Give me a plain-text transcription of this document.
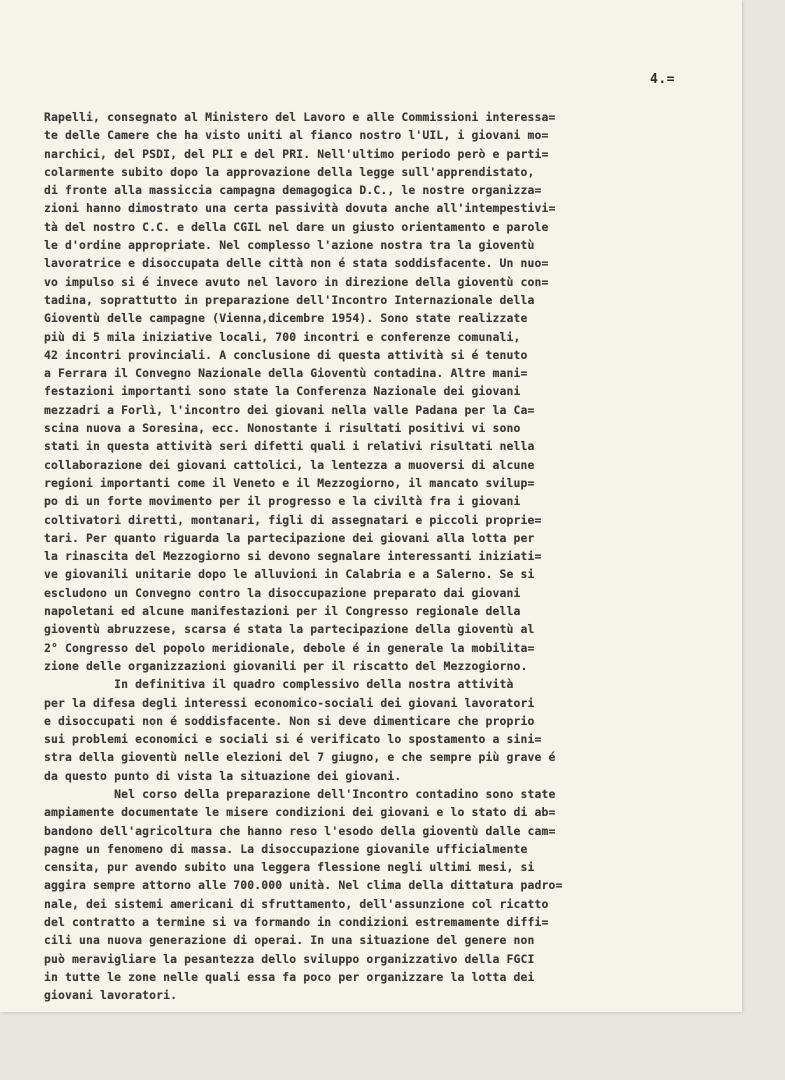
4.=
Rapelli, consegnato al Ministero del Lavoro e alle Commissioni interessa=
te delle Camere che ha visto uniti al fianco nostro l'UIL, i giovani mo=
narchici, del PSDI, del PLI e del PRI. Nell'ultimo periodo però e parti=
colarmente subito dopo la approvazione della legge sull'apprendistato,
di fronte alla massiccia campagna demagogica D.C., le nostre organizza=
zioni hanno dimostrato una certa passività dovuta anche all'intempestivi=
tà del nostro C.C. e della CGIL nel dare un giusto orientamento e parole
le d'ordine appropriate. Nel complesso l'azione nostra tra la gioventù
lavoratrice e disoccupata delle città non é stata soddisfacente. Un nuo=
vo impulso si é invece avuto nel lavoro in direzione della gioventù con=
tadina, soprattutto in preparazione dell'Incontro Internazionale della
Gioventù delle campagne (Vienna,dicembre 1954). Sono state realizzate
più di 5 mila iniziative locali, 700 incontri e conferenze comunali,
42 incontri provinciali. A conclusione di questa attività si é tenuto
a Ferrara il Convegno Nazionale della Gioventù contadina. Altre mani=
festazioni importanti sono state la Conferenza Nazionale dei giovani
mezzadri a Forlì, l'incontro dei giovani nella valle Padana per la Ca=
scina nuova a Soresina, ecc. Nonostante i risultati positivi vi sono
stati in questa attività seri difetti quali i relativi risultati nella
collaborazione dei giovani cattolici, la lentezza a muoversi di alcune
regioni importanti come il Veneto e il Mezzogiorno, il mancato svilup=
po di un forte movimento per il progresso e la civiltà fra i giovani
coltivatori diretti, montanari, figli di assegnatari e piccoli proprie=
tari. Per quanto riguarda la partecipazione dei giovani alla lotta per
la rinascita del Mezzogiorno si devono segnalare interessanti iniziati=
ve giovanili unitarie dopo le alluvioni in Calabria e a Salerno. Se si
escludono un Convegno contro la disoccupazione preparato dai giovani
napoletani ed alcune manifestazioni per il Congresso regionale della
gioventù abruzzese, scarsa é stata la partecipazione della gioventù al
2° Congresso del popolo meridionale, debole é in generale la mobilita=
zione delle organizzazioni giovanili per il riscatto del Mezzogiorno.
In definitiva il quadro complessivo della nostra attività
per la difesa degli interessi economico-sociali dei giovani lavoratori
e disoccupati non é soddisfacente. Non si deve dimenticare che proprio
sui problemi economici e sociali si é verificato lo spostamento a sini=
stra della gioventù nelle elezioni del 7 giugno, e che sempre più grave é
da questo punto di vista la situazione dei giovani.
Nel corso della preparazione dell'Incontro contadino sono state
ampiamente documentate le misere condizioni dei giovani e lo stato di ab=
bandono dell'agricoltura che hanno reso l'esodo della gioventù dalle cam=
pagne un fenomeno di massa. La disoccupazione giovanile ufficialmente
censita, pur avendo subito una leggera flessione negli ultimi mesi, si
aggira sempre attorno alle 700.000 unità. Nel clima della dittatura padro=
nale, dei sistemi americani di sfruttamento, dell'assunzione col ricatto
del contratto a termine si va formando in condizioni estremamente diffi=
cili una nuova generazione di operai. In una situazione del genere non
può meravigliare la pesantezza dello sviluppo organizzativo della FGCI
in tutte le zone nelle quali essa fa poco per organizzare la lotta dei
giovani lavoratori.
